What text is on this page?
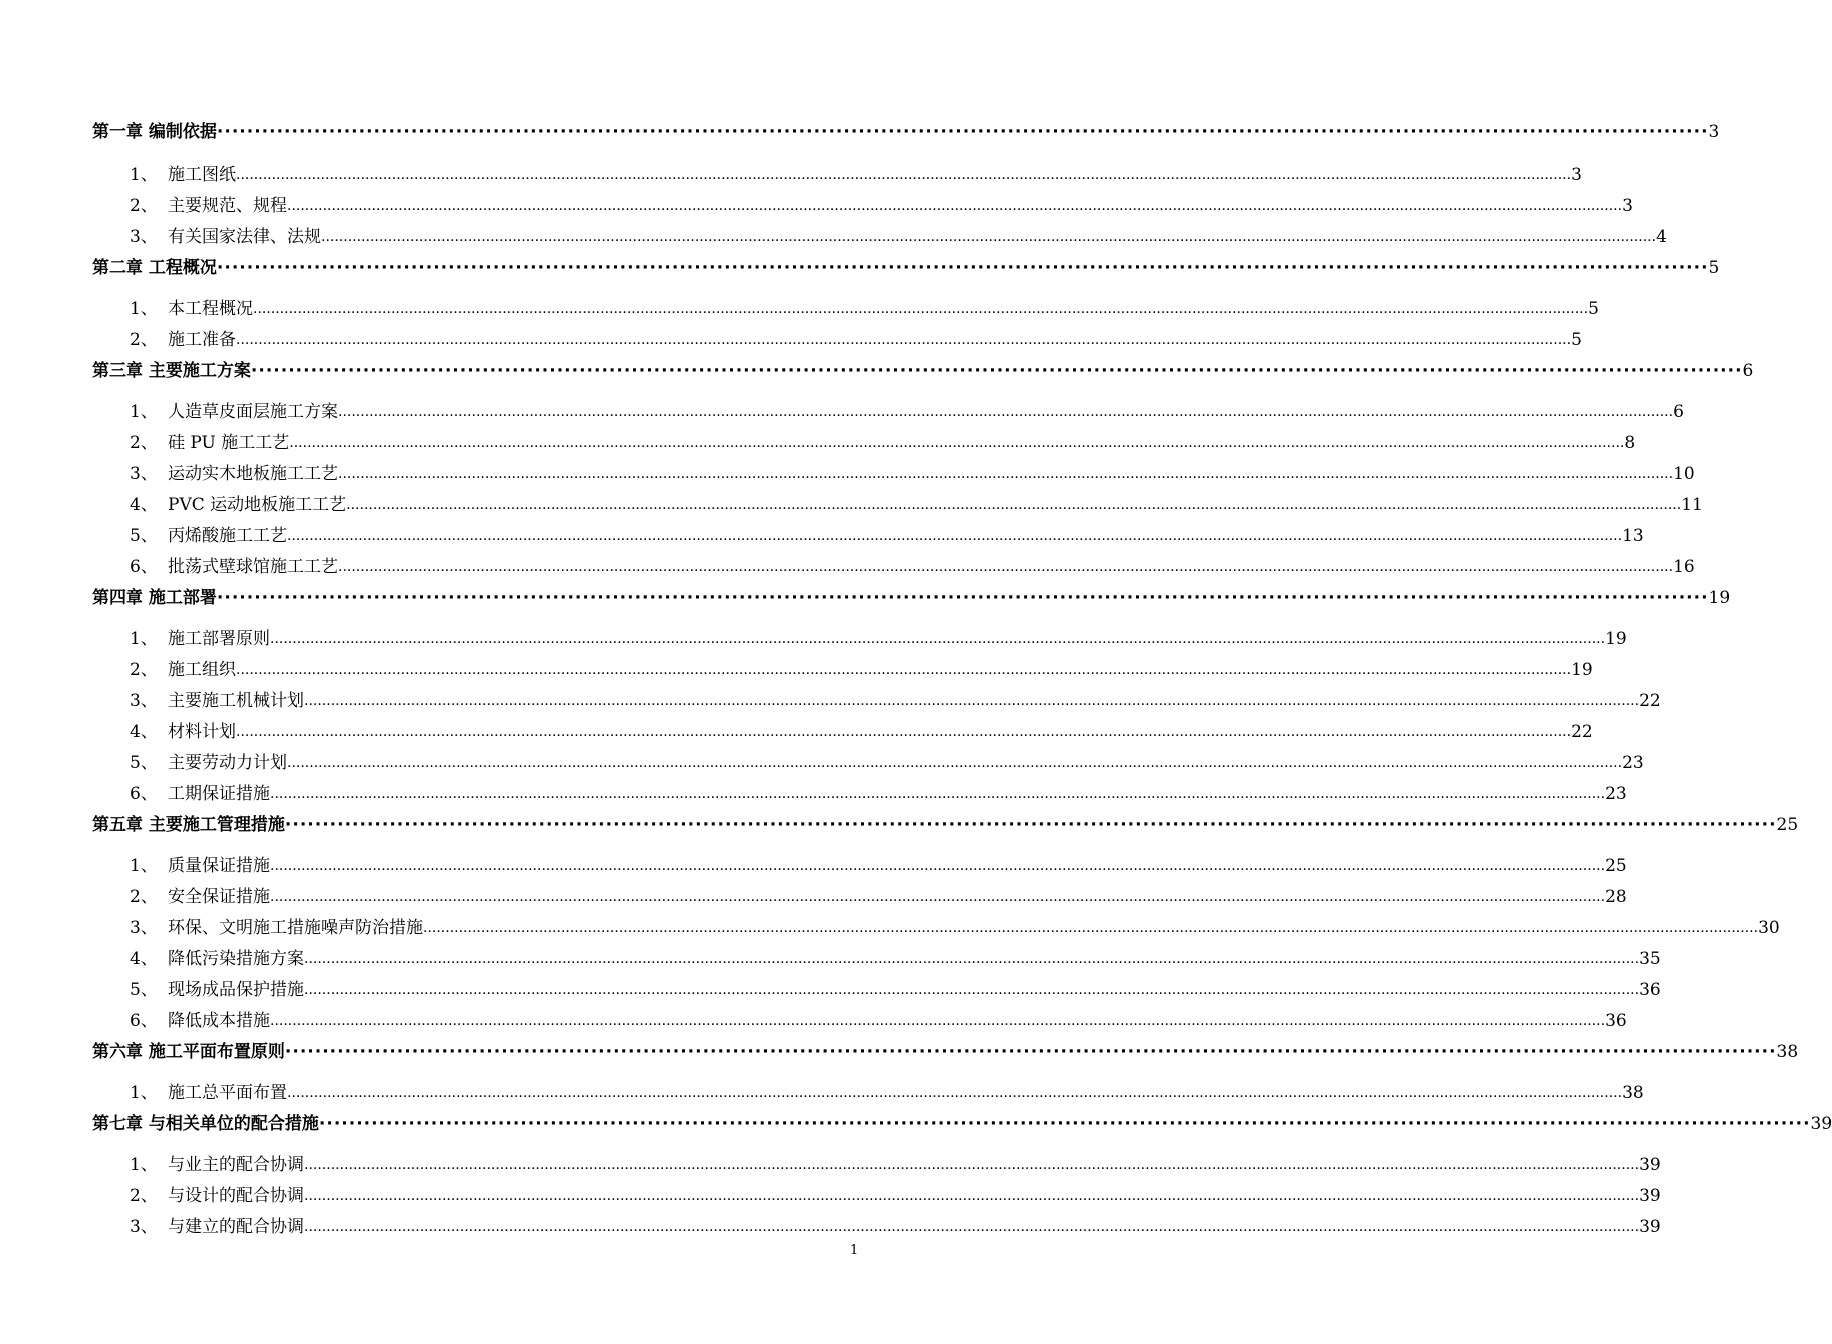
第一章 编制依据 ········································································································································································································ 3
1、 施工图纸 ............................................................................................................................................................................................................................................................................................................ 3
2、 主要规范、规程 ............................................................................................................................................................................................................................................................................................................ 3
3、 有关国家法律、法规 ............................................................................................................................................................................................................................................................................................................ 4
第二章 工程概况 ········································································································································································································ 5
1、 本工程概况 ............................................................................................................................................................................................................................................................................................................ 5
2、 施工准备 ............................................................................................................................................................................................................................................................................................................ 5
第三章 主要施工方案 ········································································································································································································ 6
1、 人造草皮面层施工方案 ............................................................................................................................................................................................................................................................................................................ 6
2、 硅 PU 施工工艺 ............................................................................................................................................................................................................................................................................................................ 8
3、 运动实木地板施工工艺 ............................................................................................................................................................................................................................................................................................................ 10
4、 PVC 运动地板施工工艺 ............................................................................................................................................................................................................................................................................................................ 11
5、 丙烯酸施工工艺 ............................................................................................................................................................................................................................................................................................................ 13
6、 批荡式壁球馆施工工艺 ............................................................................................................................................................................................................................................................................................................ 16
第四章 施工部署 ········································································································································································································ 19
1、 施工部署原则 ............................................................................................................................................................................................................................................................................................................ 19
2、 施工组织 ............................................................................................................................................................................................................................................................................................................ 19
3、 主要施工机械计划 ............................................................................................................................................................................................................................................................................................................ 22
4、 材料计划 ............................................................................................................................................................................................................................................................................................................ 22
5、 主要劳动力计划 ............................................................................................................................................................................................................................................................................................................ 23
6、 工期保证措施 ............................................................................................................................................................................................................................................................................................................ 23
第五章 主要施工管理措施 ········································································································································································································ 25
1、 质量保证措施 ............................................................................................................................................................................................................................................................................................................ 25
2、 安全保证措施 ............................................................................................................................................................................................................................................................................................................ 28
3、 环保、文明施工措施噪声防治措施 ............................................................................................................................................................................................................................................................................................................ 30
4、 降低污染措施方案 ............................................................................................................................................................................................................................................................................................................ 35
5、 现场成品保护措施 ............................................................................................................................................................................................................................................................................................................ 36
6、 降低成本措施 ............................................................................................................................................................................................................................................................................................................ 36
第六章 施工平面布置原则 ········································································································································································································ 38
1、 施工总平面布置 ............................................................................................................................................................................................................................................................................................................ 38
第七章 与相关单位的配合措施 ········································································································································································································ 39
1、 与业主的配合协调 ............................................................................................................................................................................................................................................................................................................ 39
2、 与设计的配合协调 ............................................................................................................................................................................................................................................................................................................ 39
3、 与建立的配合协调 ............................................................................................................................................................................................................................................................................................................ 39
1
